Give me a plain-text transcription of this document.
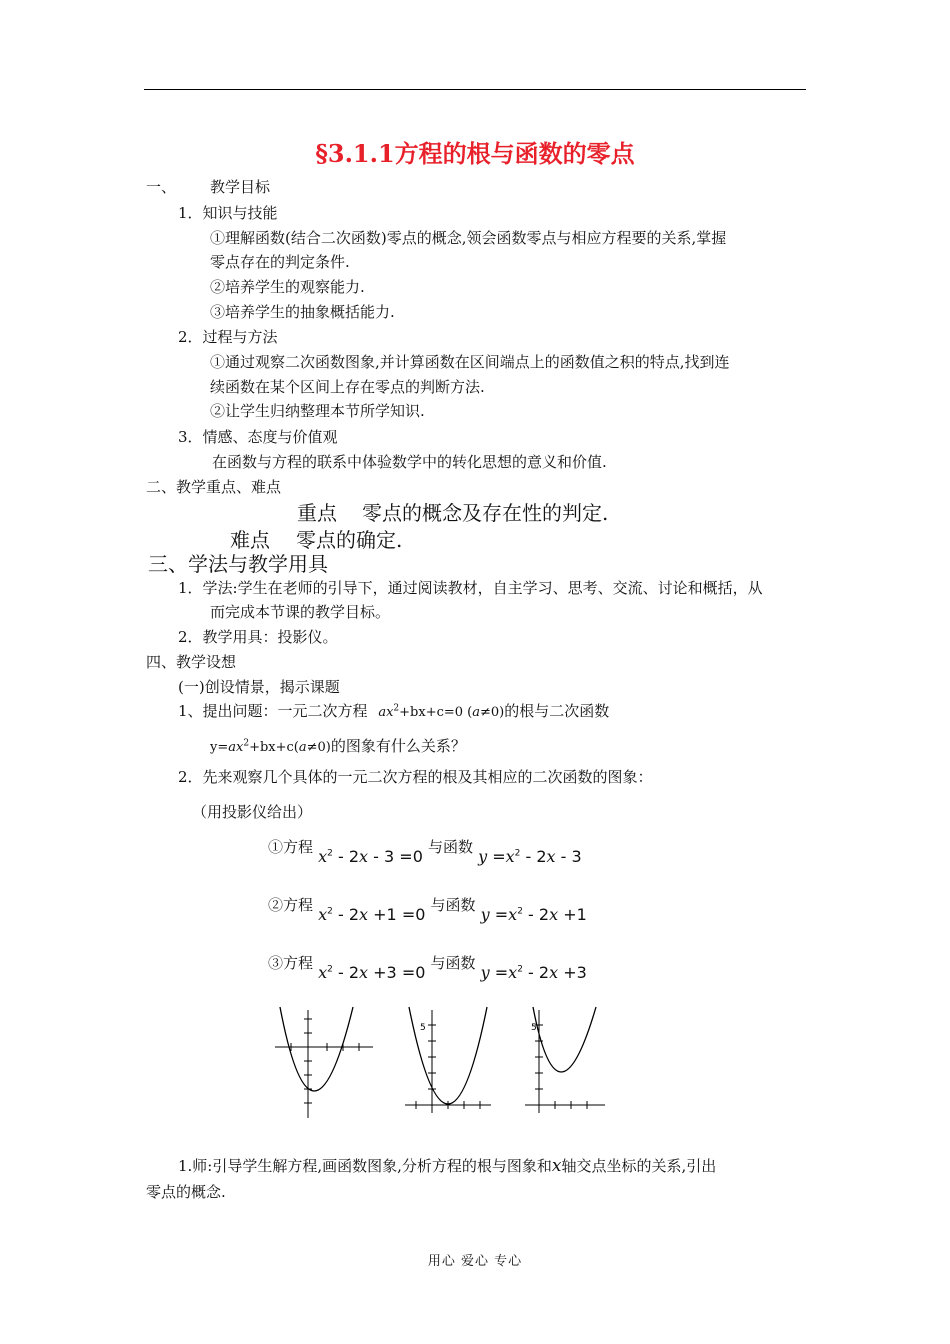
§3.1.1方程的根与函数的零点
一、 教学目标
1．知识与技能
①理解函数(结合二次函数)零点的概念,领会函数零点与相应方程要的关系,掌握
零点存在的判定条件.
②培养学生的观察能力.
③培养学生的抽象概括能力.
2．过程与方法
①通过观察二次函数图象,并计算函数在区间端点上的函数值之积的特点,找到连
续函数在某个区间上存在零点的判断方法.
②让学生归纳整理本节所学知识.
3．情感、态度与价值观
在函数与方程的联系中体验数学中的转化思想的意义和价值.
二、教学重点、难点
重点 零点的概念及存在性的判定.
难点 零点的确定.
三、学法与教学用具
1．学法:学生在老师的引导下，通过阅读教材，自主学习、思考、交流、讨论和概括，从
而完成本节课的教学目标。
2．教学用具：投影仪。
四、教学设想
(一)创设情景，揭示课题
1、提出问题：一元二次方程 $ax^2+bx+c=0$ (a≠0)的根与二次函数
$y=ax^2+bx+c(a\ne 0)$的图象有什么关系？
2．先来观察几个具体的一元二次方程的根及其相应的二次函数的图象：
（用投影仪给出）
①方程 $x^2 - 2x - 3 =0$ 与函数 $y =x^2 - 2x - 3$
②方程 $x^2 - 2x +1 =0$ 与函数 $y =x^2 - 2x +1$
③方程 $x^2 - 2x +3 =0$ 与函数 $y =x^2 - 2x +3$
5	5
1.师:引导学生解方程,画函数图象,分析方程的根与图象和x轴交点坐标的关系,引出
零点的概念.
用心 爱心 专心
